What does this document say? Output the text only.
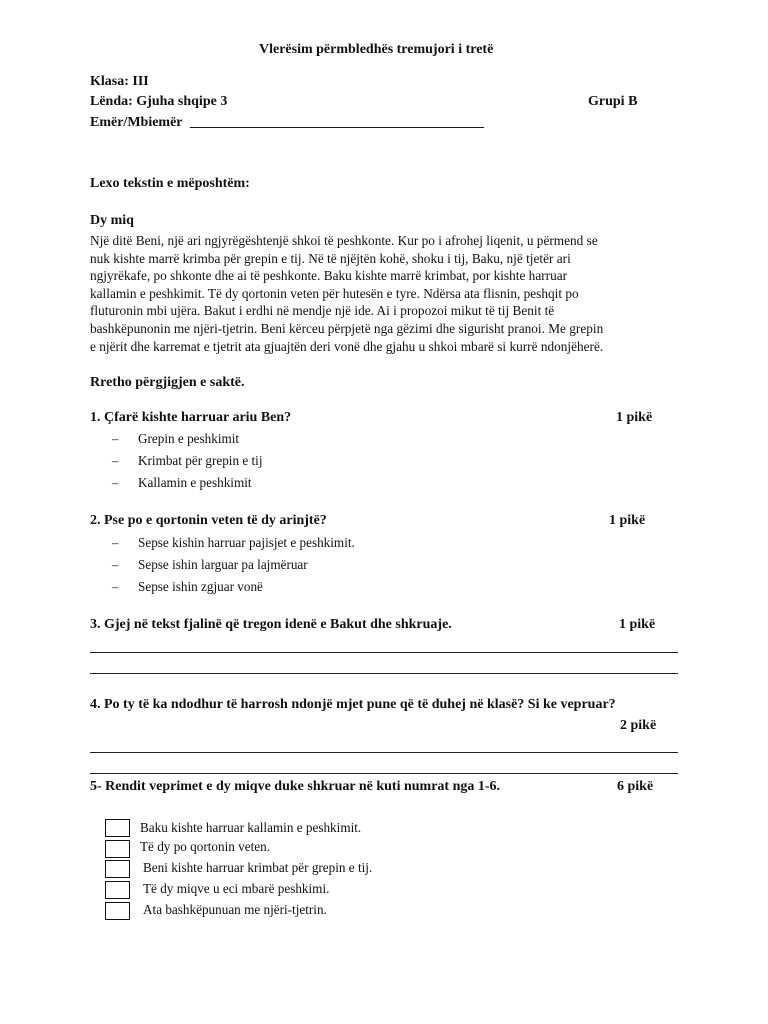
Vlerësim përmbledhës tremujori i tretë
Klasa: III
Lënda: Gjuha shqipe 3	Grupi B
Emër/Mbiemër __________________________________________
Lexo tekstin e mëposhtëm:
Dy miq
Një ditë Beni, një ari ngjyrëgështenjë shkoi të peshkonte. Kur po i afrohej liqenit, u përmend se
nuk kishte marrë krimba për grepin e tij. Në të njëjtën kohë, shoku i tij, Baku, një tjetër ari
ngjyrëkafe, po shkonte dhe ai të peshkonte. Baku kishte marrë krimbat, por kishte harruar
kallamin e peshkimit. Të dy qortonin veten për hutesën e tyre. Ndërsa ata flisnin, peshqit po
fluturonin mbi ujëra. Bakut i erdhi në mendje një ide. Ai i propozoi mikut të tij Benit të
bashkëpunonin me njëri-tjetrin. Beni kërceu përpjetë nga gëzimi dhe sigurisht pranoi. Me grepin
e njërit dhe karremat e tjetrit ata gjuajtën deri vonë dhe gjahu u shkoi mbarë si kurrë ndonjëherë.
Rretho përgjigjen e saktë.
1. Çfarë kishte harruar ariu Ben?	1 pikë
– Grepin e peshkimit
– Krimbat për grepin e tij
– Kallamin e peshkimit
2. Pse po e qortonin veten të dy arinjtë?	1 pikë
– Sepse kishin harruar pajisjet e peshkimit.
– Sepse ishin larguar pa lajmëruar
– Sepse ishin zgjuar vonë
3. Gjej në tekst fjalinë që tregon idenë e Bakut dhe shkruaje.	1 pikë
4. Po ty të ka ndodhur të harrosh ndonjë mjet pune që të duhej në klasë? Si ke vepruar?
2 pikë
5- Rendit veprimet e dy miqve duke shkruar në kuti numrat nga 1-6.	6 pikë
Baku kishte harruar kallamin e peshkimit.
Të dy po qortonin veten.
Beni kishte harruar krimbat për grepin e tij.
Të dy miqve u eci mbarë peshkimi.
Ata bashkëpunuan me njëri-tjetrin.
